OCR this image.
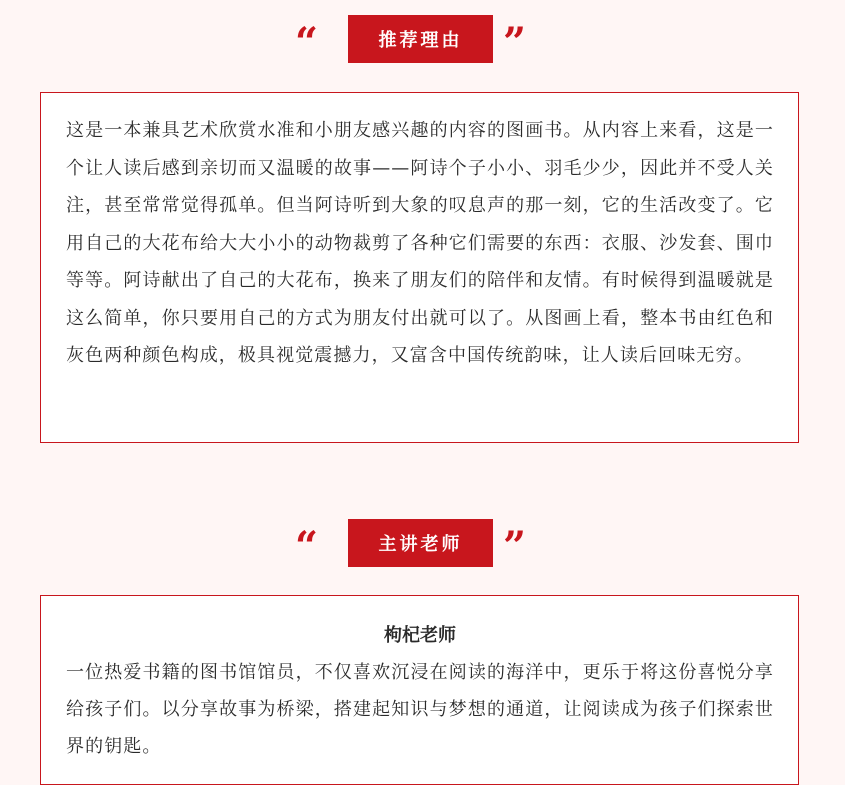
“	推荐理由	”

这是一本兼具艺术欣赏水准和小朋友感兴趣的内容的图画书。从内容上来看，这是一个让人读后感到亲切而又温暖的故事——阿诗个子小小、羽毛少少，因此并不受人关注，甚至常常觉得孤单。但当阿诗听到大象的叹息声的那一刻，它的生活改变了。它用自己的大花布给大大小小的动物裁剪了各种它们需要的东西：衣服、沙发套、围巾等等。阿诗献出了自己的大花布，换来了朋友们的陪伴和友情。有时候得到温暖就是这么简单，你只要用自己的方式为朋友付出就可以了。从图画上看，整本书由红色和灰色两种颜色构成，极具视觉震撼力，又富含中国传统韵味，让人读后回味无穷。

“	主讲老师	”
枸杞老师

一位热爱书籍的图书馆馆员，不仅喜欢沉浸在阅读的海洋中，更乐于将这份喜悦分享给孩子们。以分享故事为桥梁，搭建起知识与梦想的通道，让阅读成为孩子们探索世界的钥匙。
